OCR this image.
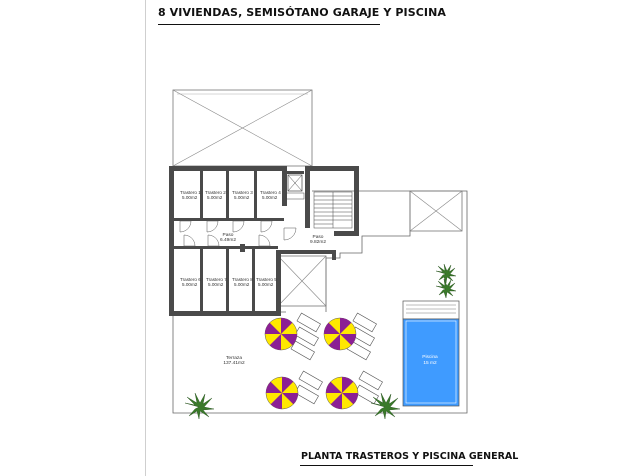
8 VIVIENDAS, SEMISÓTANO GARAJE Y PISCINA
Trastero 1
5.00m2
Trastero 2
5.00m2
Trastero 3
5.00m2
Trastero 4
5.00m2
Paso
6.49m2
Paso
9.82m2
Trastero 6
5.00m2
Trastero 7
5.00m2
Trastero 8
5.00m2
Trastero 5
5.00m2
Terraza
137.41m2
Piscina
15 m2
PLANTA TRASTEROS Y PISCINA GENERAL
